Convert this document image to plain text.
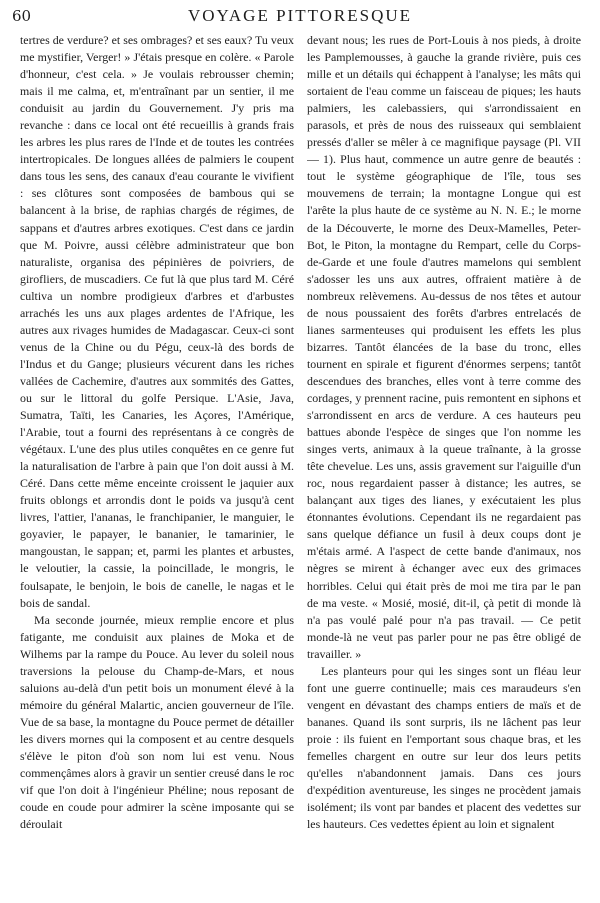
60	VOYAGE PITTORESQUE

tertres de verdure? et ses ombrages? et ses eaux? Tu veux me mystifier, Verger! » J'étais presque en colère. « Parole d'honneur, c'est cela. » Je voulais rebrousser chemin; mais il me calma, et, m'entraînant par un sentier, il me conduisit au jardin du Gouvernement. J'y pris ma revanche : dans ce local ont été recueillis à grands frais les arbres les plus rares de l'Inde et de toutes les contrées intertropicales. De longues allées de palmiers le coupent dans tous les sens, des canaux d'eau courante le vivifient : ses clôtures sont composées de bambous qui se balancent à la brise, de raphias chargés de régimes, de sappans et d'autres arbres exotiques. C'est dans ce jardin que M. Poivre, aussi célèbre administrateur que bon naturaliste, organisa des pépinières de poivriers, de girofliers, de muscadiers. Ce fut là que plus tard M. Céré cultiva un nombre prodigieux d'arbres et d'arbustes arrachés les uns aux plages ardentes de l'Afrique, les autres aux rivages humides de Madagascar. Ceux-ci sont venus de la Chine ou du Pégu, ceux-là des bords de l'Indus et du Gange; plusieurs vécurent dans les riches vallées de Cachemire, d'autres aux sommités des Gattes, ou sur le littoral du golfe Persique. L'Asie, Java, Sumatra, Taïti, les Canaries, les Açores, l'Amérique, l'Arabie, tout a fourni des représentans à ce congrès de végétaux. L'une des plus utiles conquêtes en ce genre fut la naturalisation de l'arbre à pain que l'on doit aussi à M. Céré. Dans cette même enceinte croissent le jaquier aux fruits oblongs et arrondis dont le poids va jusqu'à cent livres, l'attier, l'ananas, le franchipanier, le manguier, le goyavier, le papayer, le bananier, le tamarinier, le mangoustan, le sappan; et, parmi les plantes et arbustes, le veloutier, la cassie, la poincillade, le mongris, le foulsapate, le benjoin, le bois de canelle, le nagas et le bois de sandal.

Ma seconde journée, mieux remplie encore et plus fatigante, me conduisit aux plaines de Moka et de Wilhems par la rampe du Pouce. Au lever du soleil nous traversions la pelouse du Champ-de-Mars, et nous saluions au-delà d'un petit bois un monument élevé à la mémoire du général Malartic, ancien gouverneur de l'île. Vue de sa base, la montagne du Pouce permet de détailler les divers mornes qui la composent et au centre desquels s'élève le piton d'où son nom lui est venu. Nous commençâmes alors à gravir un sentier creusé dans le roc vif que l'on doit à l'ingénieur Phéline; nous reposant de coude en coude pour admirer la scène imposante qui se déroulait

devant nous; les rues de Port-Louis à nos pieds, à droite les Pamplemousses, à gauche la grande rivière, puis ces mille et un détails qui échappent à l'analyse; les mâts qui sortaient de l'eau comme un faisceau de piques; les hauts palmiers, les calebassiers, qui s'arrondissaient en parasols, et près de nous des ruisseaux qui semblaient pressés d'aller se mêler à ce magnifique paysage (Pl. VII — 1). Plus haut, commence un autre genre de beautés : tout le système géographique de l'île, tous ses mouvemens de terrain; la montagne Longue qui est l'arête la plus haute de ce système au N. N. E.; le morne de la Découverte, le morne des Deux-Mamelles, Peter-Bot, le Piton, la montagne du Rempart, celle du Corps-de-Garde et une foule d'autres mamelons qui semblent s'adosser les uns aux autres, offraient matière à de nombreux relèvemens. Au-dessus de nos têtes et autour de nous poussaient des forêts d'arbres entrelacés de lianes sarmenteuses qui produisent les effets les plus bizarres. Tantôt élancées de la base du tronc, elles tournent en spirale et figurent d'énormes serpens; tantôt descendues des branches, elles vont à terre comme des cordages, y prennent racine, puis remontent en siphons et s'arrondissent en arcs de verdure. A ces hauteurs peu battues abonde l'espèce de singes que l'on nomme les singes verts, animaux à la queue traînante, à la grosse tête chevelue. Les uns, assis gravement sur l'aiguille d'un roc, nous regardaient passer à distance; les autres, se balançant aux tiges des lianes, y exécutaient les plus étonnantes évolutions. Cependant ils ne regardaient pas sans quelque défiance un fusil à deux coups dont je m'étais armé. A l'aspect de cette bande d'animaux, nos nègres se mirent à échanger avec eux des grimaces horribles. Celui qui était près de moi me tira par le pan de ma veste. « Mosié, mosié, dit-il, çà petit di monde là n'a pas voulé palé pour n'a pas travail. — Ce petit monde-là ne veut pas parler pour ne pas être obligé de travailler. »

Les planteurs pour qui les singes sont un fléau leur font une guerre continuelle; mais ces maraudeurs s'en vengent en dévastant des champs entiers de maïs et de bananes. Quand ils sont surpris, ils ne lâchent pas leur proie : ils fuient en l'emportant sous chaque bras, et les femelles chargent en outre sur leur dos leurs petits qu'elles n'abandonnent jamais. Dans ces jours d'expédition aventureuse, les singes ne procèdent jamais isolément; ils vont par bandes et placent des vedettes sur les hauteurs. Ces vedettes épient au loin et signalent
